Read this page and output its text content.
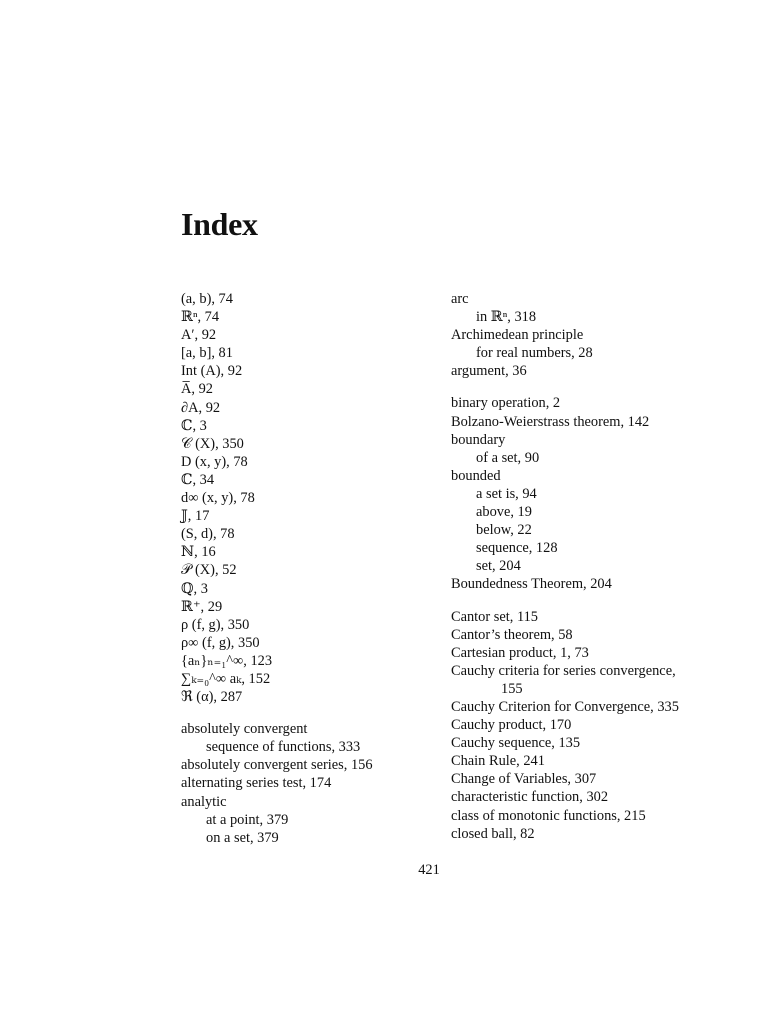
Index
(a, b), 74
ℝⁿ, 74
A′, 92
[a, b], 81
Int (A), 92
A̅, 92
∂A, 92
ℂ, 3
𝒞 (X), 350
D (x, y), 78
ℂ, 34
d∞ (x, y), 78
𝕁, 17
(S, d), 78
ℕ, 16
𝒫 (X), 52
ℚ, 3
ℝ⁺, 29
ρ (f, g), 350
ρ∞ (f, g), 350
{aₙ}ₙ₌₁^∞, 123
∑ₖ₌₀^∞ aₖ, 152
ℜ (α), 287
absolutely convergent
sequence of functions, 333
absolutely convergent series, 156
alternating series test, 174
analytic
at a point, 379
on a set, 379
arc
in ℝⁿ, 318
Archimedean principle
for real numbers, 28
argument, 36
binary operation, 2
Bolzano-Weierstrass theorem, 142
boundary
of a set, 90
bounded
a set is, 94
above, 19
below, 22
sequence, 128
set, 204
Boundedness Theorem, 204
Cantor set, 115
Cantor’s theorem, 58
Cartesian product, 1, 73
Cauchy criteria for series convergence,
155
Cauchy Criterion for Convergence, 335
Cauchy product, 170
Cauchy sequence, 135
Chain Rule, 241
Change of Variables, 307
characteristic function, 302
class of monotonic functions, 215
closed ball, 82
421
